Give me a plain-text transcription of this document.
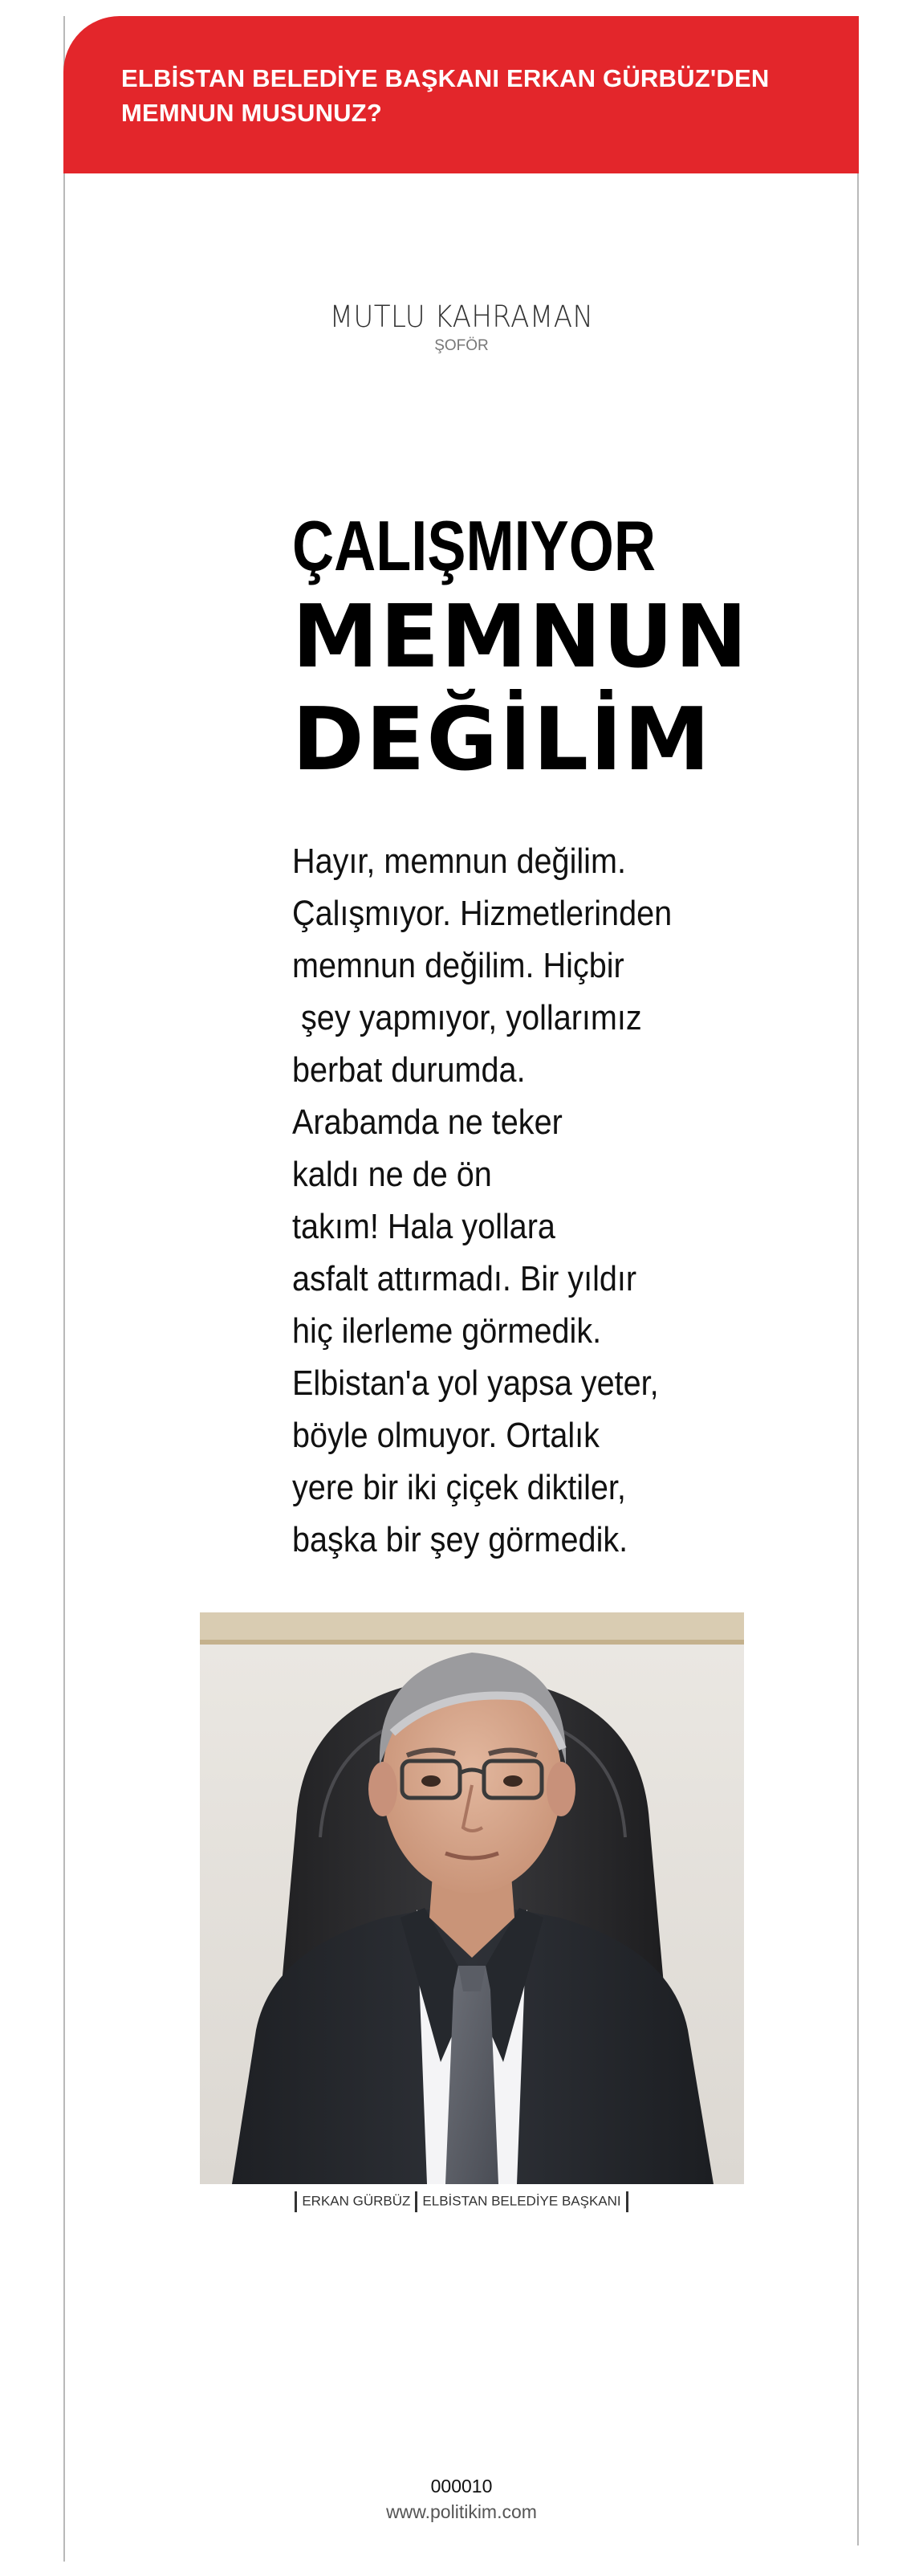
ELBİSTAN BELEDİYE BAŞKANI ERKAN GÜRBÜZ'DEN
MEMNUN MUSUNUZ?
MUTLU KAHRAMAN
ŞOFÖR
ÇALIŞMIYOR
MEMNUN
DEĞİLİM
Hayır, memnun değilim.
Çalışmıyor. Hizmetlerinden
memnun değilim. Hiçbir
şey yapmıyor, yollarımız
berbat durumda.
Arabamda ne teker
kaldı ne de ön
takım! Hala yollara
asfalt attırmadı. Bir yıldır
hiç ilerleme görmedik.
Elbistan'a yol yapsa yeter,
böyle olmuyor. Ortalık
yere bir iki çiçek diktiler,
başka bir şey görmedik.
ERKAN GÜRBÜZ ELBİSTAN BELEDİYE BAŞKANI
000010
www.politikim.com
